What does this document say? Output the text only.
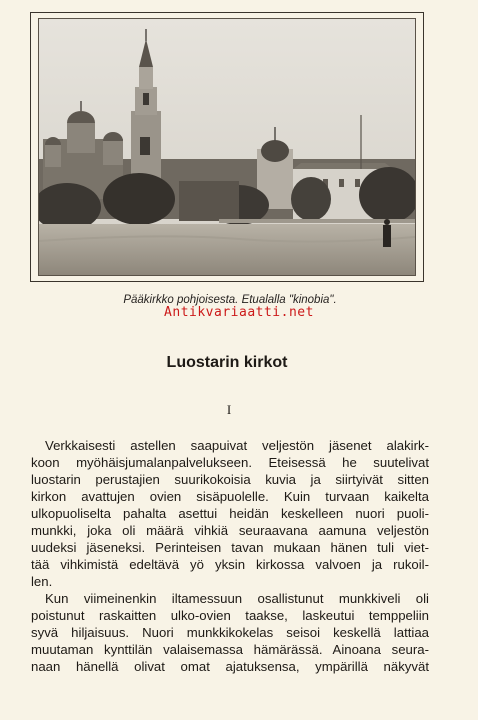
Pääkirkko pohjoisesta. Etualalla "kinobia".
Antikvariaatti.net
Luostarin kirkot
I
Verkkaisesti astellen saapuivat veljestön jäsenet alakirk-
koon myöhäisjumalanpalvelukseen. Eteisessä he suutelivat
luostarin perustajien suurikokoisia kuvia ja siirtyivät sitten
kirkon avattujen ovien sisäpuolelle. Kuin turvaan kaikelta
ulkopuoliselta pahalta asettui heidän keskelleen nuori puoli-
munkki, joka oli määrä vihkiä seuraavana aamuna veljestön
uudeksi jäseneksi. Perinteisen tavan mukaan hänen tuli viet-
tää vihkimistä edeltävä yö yksin kirkossa valvoen ja rukoil-
len.
Kun viimeinenkin iltamessuun osallistunut munkkiveli oli
poistunut raskaitten ulko-ovien taakse, laskeutui temppeliin
syvä hiljaisuus. Nuori munkkikokelas seisoi keskellä lattiaa
muutaman kynttilän valaisemassa hämärässä. Ainoana seura-
naan hänellä olivat omat ajatuksensa, ympärillä näkyvät
